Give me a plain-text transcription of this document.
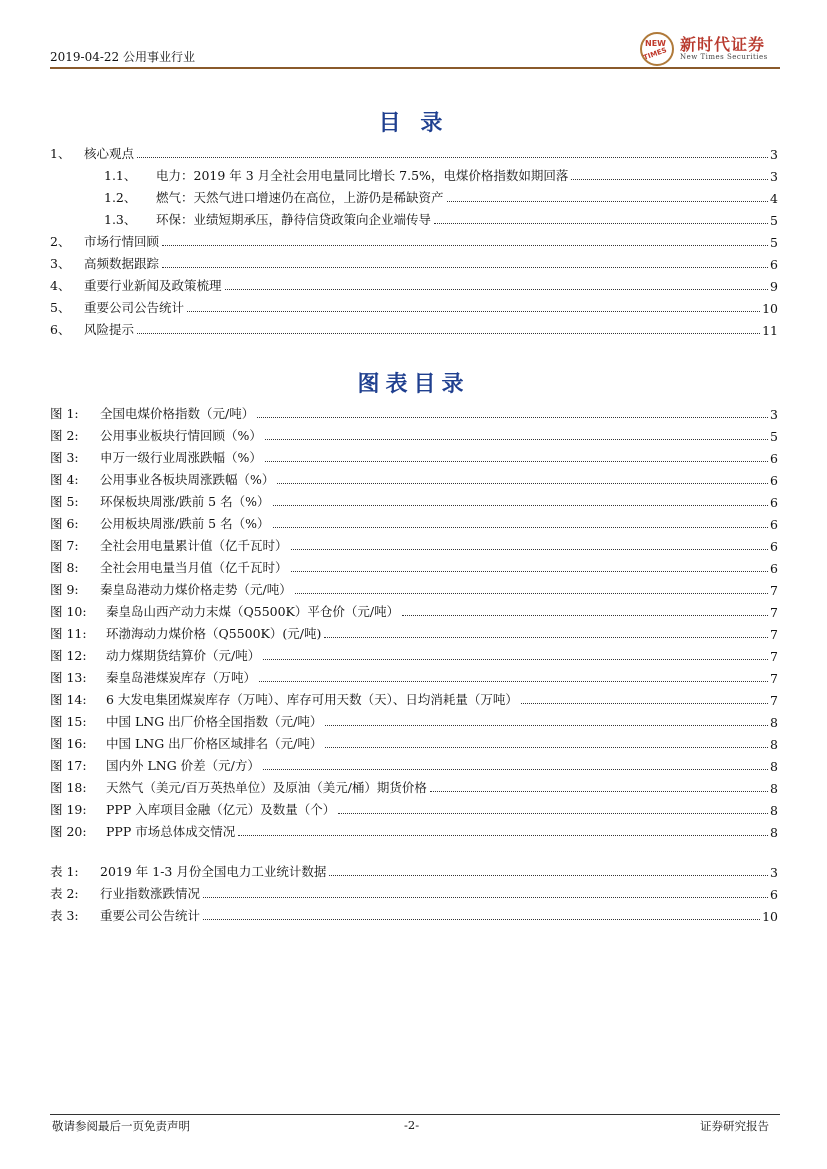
2019-04-22 公用事业行业
NEW
TIMES 新时代证券
New Times Securities
目 录
1、	核心观点	3
1.1、	电力：2019 年 3 月全社会用电量同比增长 7.5%，电煤价格指数如期回落	3
1.2、	燃气：天然气进口增速仍在高位，上游仍是稀缺资产	4
1.3、	环保：业绩短期承压，静待信贷政策向企业端传导	5
2、	市场行情回顾	5
3、	高频数据跟踪	6
4、	重要行业新闻及政策梳理	9
5、	重要公司公告统计	10
6、	风险提示	11
图表目录
图 1:	全国电煤价格指数（元/吨）	3
图 2:	公用事业板块行情回顾（%）	5
图 3:	申万一级行业周涨跌幅（%）	6
图 4:	公用事业各板块周涨跌幅（%）	6
图 5:	环保板块周涨/跌前 5 名（%）	6
图 6:	公用板块周涨/跌前 5 名（%）	6
图 7:	全社会用电量累计值（亿千瓦时）	6
图 8:	全社会用电量当月值（亿千瓦时）	6
图 9:	秦皇岛港动力煤价格走势（元/吨）	7
图 10:	秦皇岛山西产动力末煤（Q5500K）平仓价（元/吨）	7
图 11:	环渤海动力煤价格（Q5500K）(元/吨)	7
图 12:	动力煤期货结算价（元/吨）	7
图 13:	秦皇岛港煤炭库存（万吨）	7
图 14:	6 大发电集团煤炭库存（万吨）、库存可用天数（天）、日均消耗量（万吨）	7
图 15:	中国 LNG 出厂价格全国指数（元/吨）	8
图 16:	中国 LNG 出厂价格区域排名（元/吨）	8
图 17:	国内外 LNG 价差（元/方）	8
图 18:	天然气（美元/百万英热单位）及原油（美元/桶）期货价格	8
图 19:	PPP 入库项目金融（亿元）及数量（个）	8
图 20:	PPP 市场总体成交情况	8
表 1:	2019 年 1-3 月份全国电力工业统计数据	3
表 2:	行业指数涨跌情况	6
表 3:	重要公司公告统计	10
敬请参阅最后一页免责声明	-2-	证券研究报告
